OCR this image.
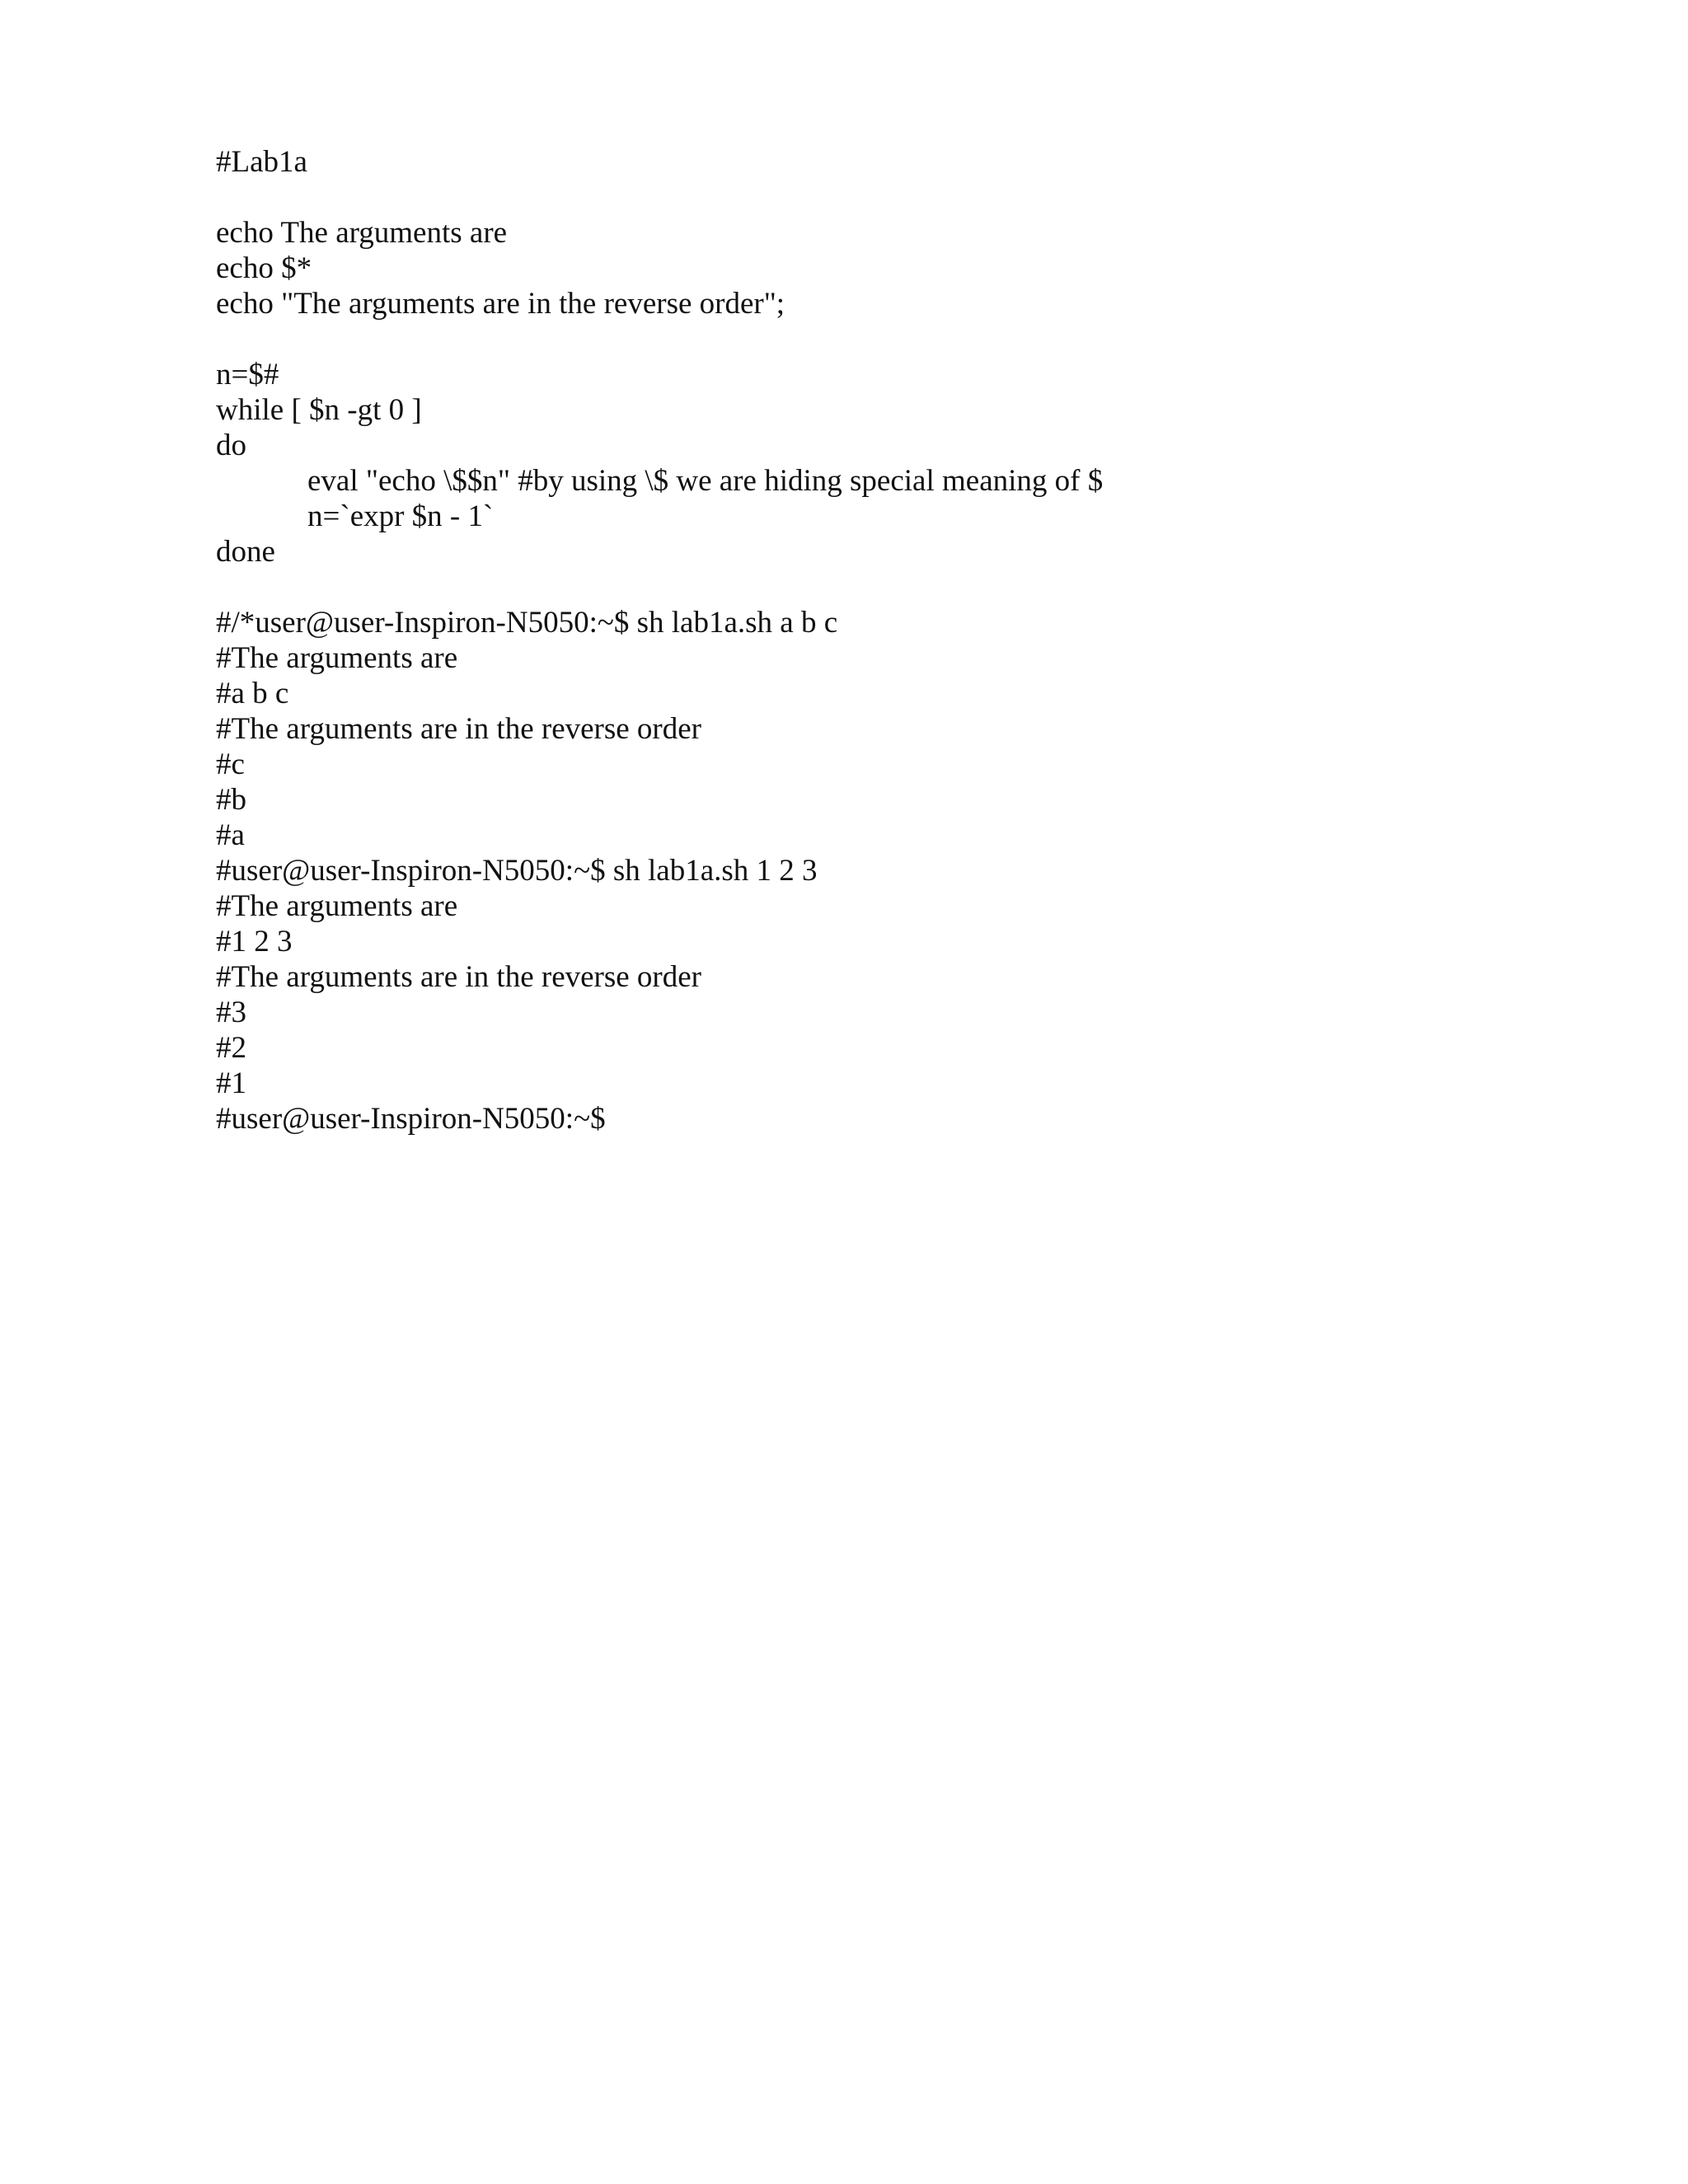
#Lab1a
echo The arguments are
echo $*
echo "The arguments are in the reverse order";
n=$#
while [ $n -gt 0 ]
do
eval "echo \$$n" #by using \$ we are hiding special meaning of $
n=`expr $n - 1`
done
#/*user@user-Inspiron-N5050:~$ sh lab1a.sh a b c
#The arguments are
#a b c
#The arguments are in the reverse order
#c
#b
#a
#user@user-Inspiron-N5050:~$ sh lab1a.sh 1 2 3
#The arguments are
#1 2 3
#The arguments are in the reverse order
#3
#2
#1
#user@user-Inspiron-N5050:~$
